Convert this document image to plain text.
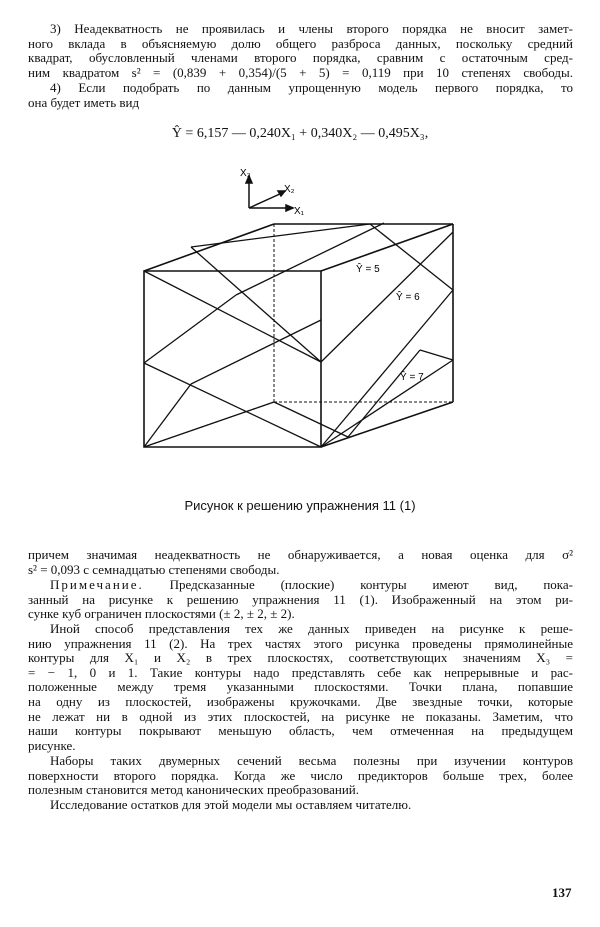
3) Неадекватность не проявилась и члены второго порядка не вносит замет-
ного вклада в объясняемую долю общего разброса данных, поскольку средний
квадрат, обусловленный членами второго порядка, сравним с остаточным сред-
ним квадратом s² = (0,839 + 0,354)/(5 + 5) = 0,119 при 10 степенях свободы.
4) Если подобрать по данным упрощенную модель первого порядка, то
она будет иметь вид
Ŷ = 6,157 — 0,240X₁ + 0,340X₂ — 0,495X₃,
X₃
X₂
X₁
Ŷ = 5
Ŷ = 6
Ŷ = 7
Рисунок к решению упражнения 11 (1)
причем значимая неадекватность не обнаруживается, а новая оценка для σ²
s² = 0,093 с семнадцатью степенями свободы.
Примечание. Предсказанные (плоские) контуры имеют вид, пока-
занный на рисунке к решению упражнения 11 (1). Изображенный на этом ри-
сунке куб ограничен плоскостями (± 2, ± 2, ± 2).
Иной способ представления тех же данных приведен на рисунке к реше-
нию упражнения 11 (2). На трех частях этого рисунка проведены прямолинейные
контуры для X₁ и X₂ в трех плоскостях, соответствующих значениям X₃ =
= − 1, 0 и 1. Такие контуры надо представлять себе как непрерывные и рас-
положенные между тремя указанными плоскостями. Точки плана, попавшие
на одну из плоскостей, изображены кружочками. Две звездные точки, которые
не лежат ни в одной из этих плоскостей, на рисунке не показаны. Заметим, что
наши контуры покрывают меньшую область, чем отмеченная на предыдущем
рисунке.
Наборы таких двумерных сечений весьма полезны при изучении контуров
поверхности второго порядка. Когда же число предикторов больше трех, более
полезным становится метод канонических преобразований.
Исследование остатков для этой модели мы оставляем читателю.
137
